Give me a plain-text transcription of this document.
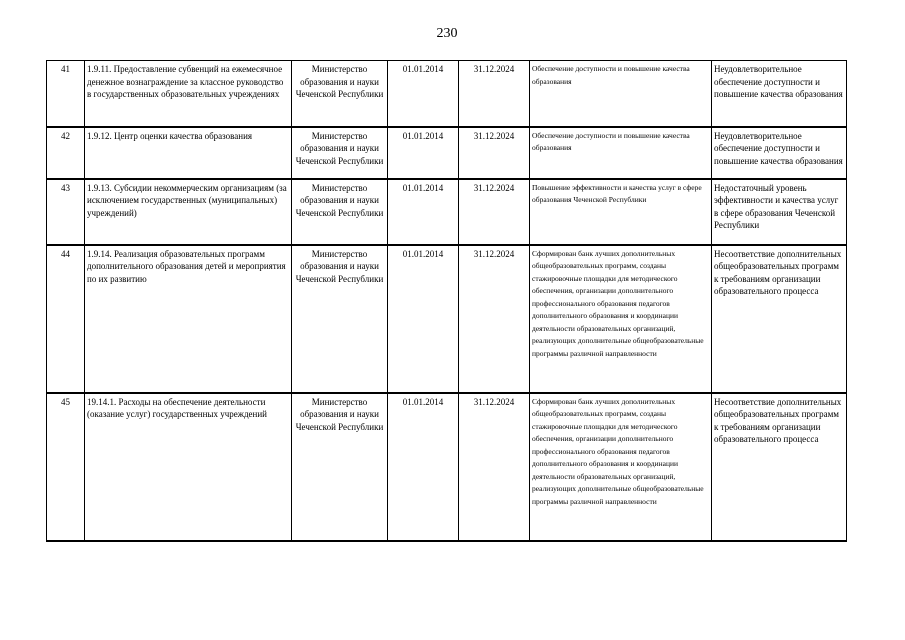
230
41	1.9.11. Предоставление субвенций на ежемесячное денежное вознаграждение за классное руководство в государственных образовательных учреждениях	Министерство образования и науки Чеченской Республики	01.01.2014	31.12.2024	Обеспечение доступности и повышение качества образования	Неудовлетворительное обеспечение доступности и повышение качества образования
42	1.9.12. Центр оценки качества образования	Министерство образования и науки Чеченской Республики	01.01.2014	31.12.2024	Обеспечение доступности и повышение качества образования	Неудовлетворительное обеспечение доступности и повышение качества образования
43	1.9.13. Субсидии некоммерческим организациям (за исключением государственных (муниципальных) учреждений)	Министерство образования и науки Чеченской Республики	01.01.2014	31.12.2024	Повышение эффективности и качества услуг в сфере образования Чеченской Республики	Недостаточный уровень эффективности и качества услуг в сфере образования Чеченской Республики
44	1.9.14. Реализация образовательных программ дополнительного образования детей и мероприятия по их развитию	Министерство образования и науки Чеченской Республики	01.01.2014	31.12.2024	Сформирован банк лучших дополнительных общеобразовательных программ, созданы стажировочные площадки для методического обеспечения, организации дополнительного профессионального образования педагогов дополнительного образования и координации деятельности образовательных организаций, реализующих дополнительные общеобразовательные программы различной направленности	Несоответствие дополнительных общеобразовательных программ к требованиям организации образовательного процесса
45	19.14.1. Расходы на обеспечение деятельности (оказание услуг) государственных учреждений	Министерство образования и науки Чеченской Республики	01.01.2014	31.12.2024	Сформирован банк лучших дополнительных общеобразовательных программ, созданы стажировочные площадки для методического обеспечения, организации дополнительного профессионального образования педагогов дополнительного образования и координации деятельности образовательных организаций, реализующих дополнительные общеобразовательные программы различной направленности	Несоответствие дополнительных общеобразовательных программ к требованиям организации образовательного процесса
